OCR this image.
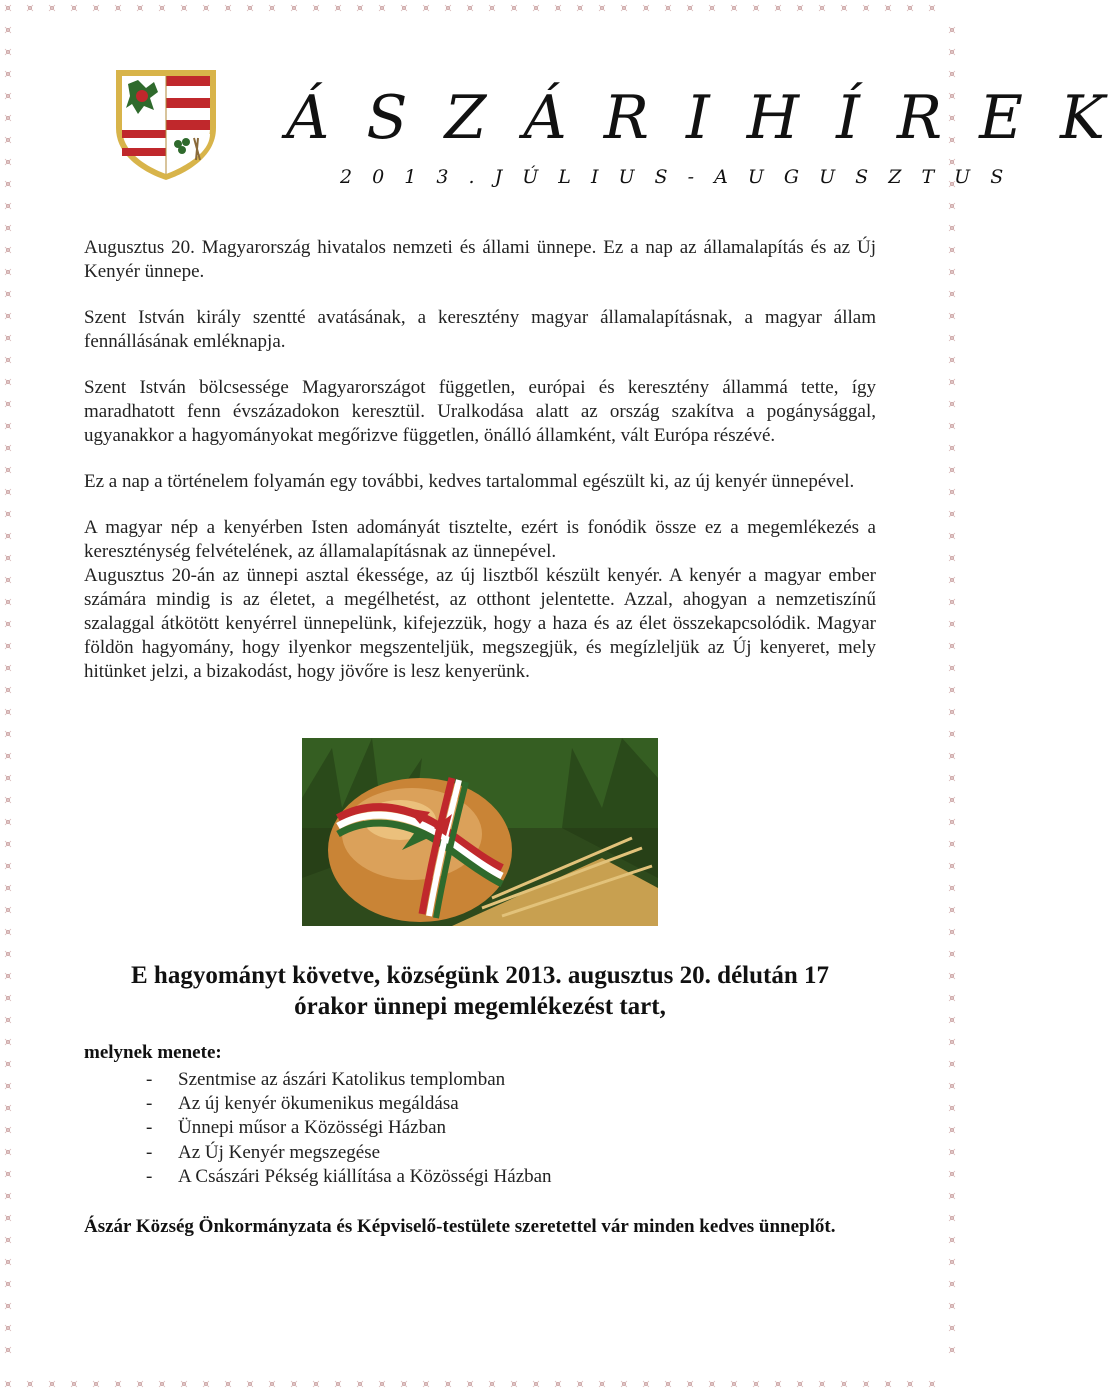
Á S Z Á R I H Í R E K
2 0 1 3 . J Ú L I U S - A U G U S Z T U S

Augusztus 20. Magyarország hivatalos nemzeti és állami ünnepe. Ez a nap az államalapítás és az Új Kenyér ünnepe.

Szent István király szentté avatásának, a keresztény magyar államalapításnak, a magyar állam fennállásának emléknapja.

Szent István bölcsessége Magyarországot független, európai és keresztény állammá tette, így maradhatott fenn évszázadokon keresztül. Uralkodása alatt az ország szakítva a pogánysággal, ugyanakkor a hagyományokat megőrizve független, önálló államként, vált Európa részévé.

Ez a nap a történelem folyamán egy további, kedves tartalommal egészült ki, az új kenyér ünnepével.

A magyar nép a kenyérben Isten adományát tisztelte, ezért is fonódik össze ez a megemlékezés a kereszténység felvételének, az államalapításnak az ünnepével.

Augusztus 20-án az ünnepi asztal ékessége, az új lisztből készült kenyér. A kenyér a magyar ember számára mindig is az életet, a megélhetést, az otthont jelentette. Azzal, ahogyan a nemzetiszínű szalaggal átkötött kenyérrel ünnepelünk, kifejezzük, hogy a haza és az élet összekapcsolódik. Magyar földön hagyomány, hogy ilyenkor megszenteljük, megszegjük, és megízleljük az Új kenyeret, mely hitünket jelzi, a bizakodást, hogy jövőre is lesz kenyerünk.

E hagyományt követve, községünk 2013. augusztus 20. délután 17
órakor ünnepi megemlékezést tart,
melynek menete:
- Szentmise az ászári Katolikus templomban
- Az új kenyér ökumenikus megáldása
- Ünnepi műsor a Közösségi Házban
- Az Új Kenyér megszegése
- A Császári Pékség kiállítása a Közösségi Házban
Ászár Község Önkormányzata és Képviselő-testülete szeretettel vár minden kedves ünneplőt.
